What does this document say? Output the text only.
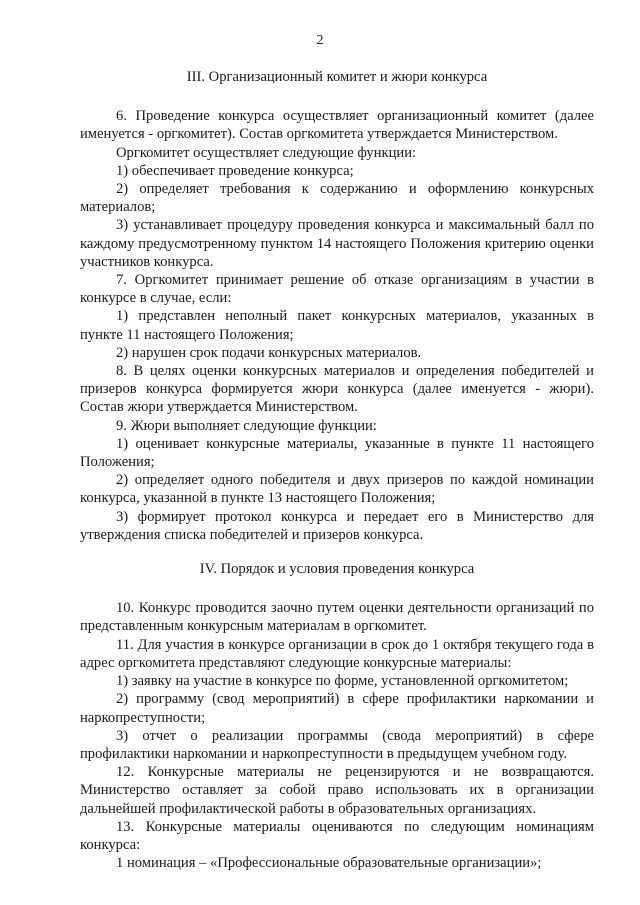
2
III. Организационный комитет и жюри конкурса

6. Проведение конкурса осуществляет организационный комитет (далее именуется - оргкомитет). Состав оргкомитета утверждается Министерством.

Оргкомитет осуществляет следующие функции:

1) обеспечивает проведение конкурса;

2) определяет требования к содержанию и оформлению конкурсных материалов;

3) устанавливает процедуру проведения конкурса и максимальный балл по каждому предусмотренному пунктом 14 настоящего Положения критерию оценки участников конкурса.

7. Оргкомитет принимает решение об отказе организациям в участии в конкурсе в случае, если:

1) представлен неполный пакет конкурсных материалов, указанных в пункте 11 настоящего Положения;

2) нарушен срок подачи конкурсных материалов.

8. В целях оценки конкурсных материалов и определения победителей и призеров конкурса формируется жюри конкурса (далее именуется - жюри). Состав жюри утверждается Министерством.

9. Жюри выполняет следующие функции:

1) оценивает конкурсные материалы, указанные в пункте 11 настоящего Положения;

2) определяет одного победителя и двух призеров по каждой номинации конкурса, указанной в пункте 13 настоящего Положения;

3) формирует протокол конкурса и передает его в Министерство для утверждения списка победителей и призеров конкурса.

IV. Порядок и условия проведения конкурса

10. Конкурс проводится заочно путем оценки деятельности организаций по представленным конкурсным материалам в оргкомитет.

11. Для участия в конкурсе организации в срок до 1 октября текущего года в адрес оргкомитета представляют следующие конкурсные материалы:

1) заявку на участие в конкурсе по форме, установленной оргкомитетом;

2) программу (свод мероприятий) в сфере профилактики наркомании и наркопреступности;

3) отчет о реализации программы (свода мероприятий) в сфере профилактики наркомании и наркопреступности в предыдущем учебном году.

12. Конкурсные материалы не рецензируются и не возвращаются. Министерство оставляет за собой право использовать их в организации дальнейшей профилактической работы в образовательных организациях.

13. Конкурсные материалы оцениваются по следующим номинациям конкурса:

1 номинация – «Профессиональные образовательные организации»;
